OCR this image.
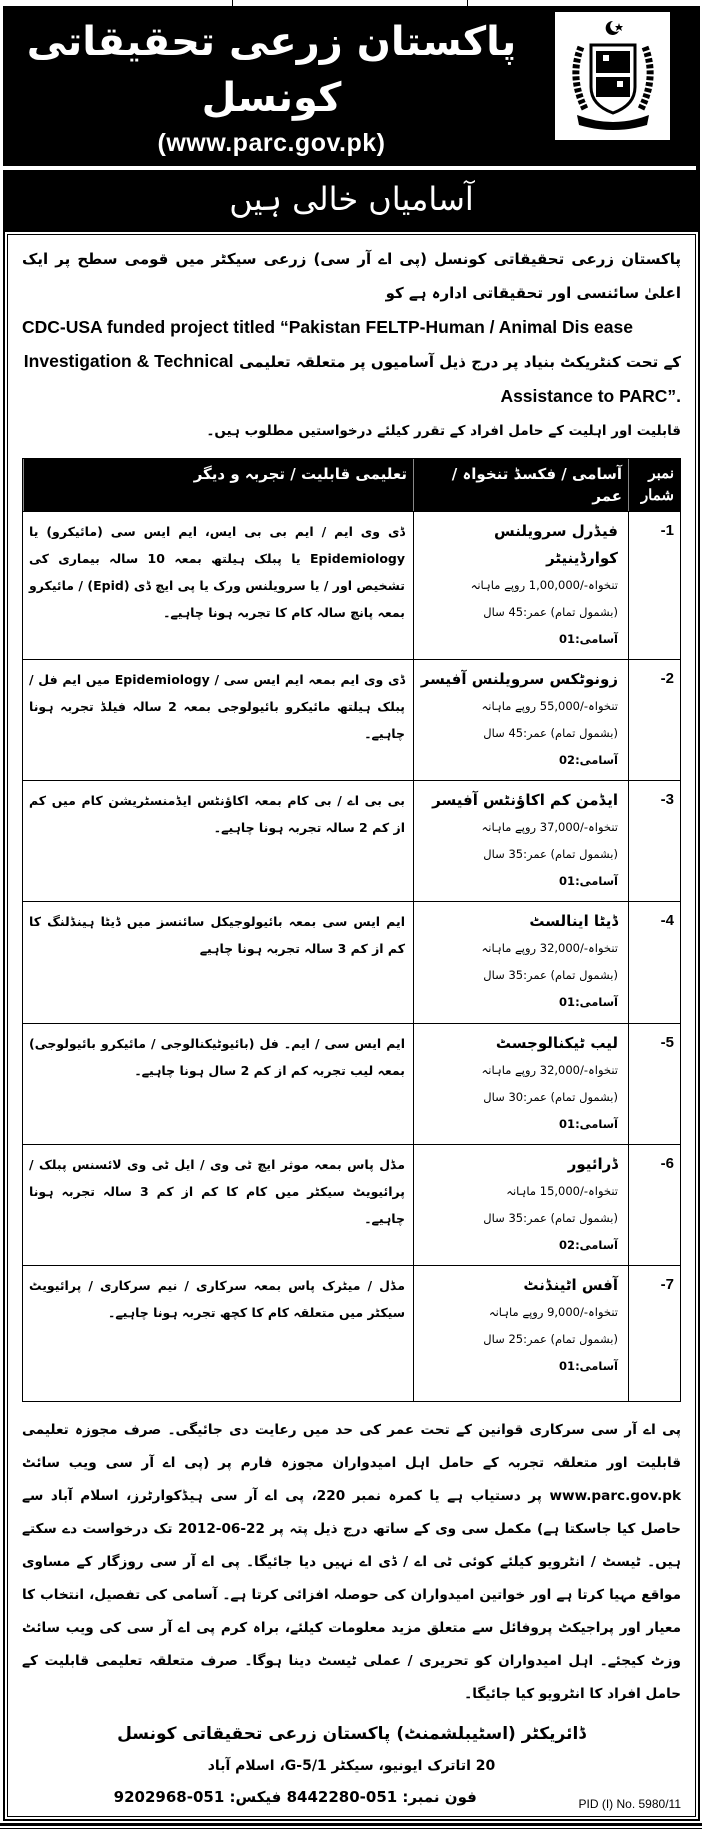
پاکستان زرعی تحقیقاتی کونسل
(www.parc.gov.pk)
آسامیاں خالی ہیں
پاکستان زرعی تحقیقاتی کونسل (پی اے آر سی) زرعی سیکٹر میں قومی سطح پر ایک اعلیٰ سائنسی اور تحقیقاتی ادارہ ہے کو
CDC-USA funded project titled “Pakistan FELTP-Human / Animal Dis ease
کے تحت کنٹریکٹ بنیاد پر درج ذیل آسامیوں پر متعلقہ تعلیمی Investigation & Technical Assistance to PARC”.
قابلیت اور اہلیت کے حامل افراد کے تقرر کیلئے درخواستیں مطلوب ہیں۔
نمبر شمار
آسامی / فکسڈ تنخواہ / عمر
تعلیمی قابلیت / تجربہ و دیگر
1-
فیڈرل سرویلنس کوارڈینیٹر
تنخواہ-/1,00,000 روپے ماہانہ
(بشمول تمام) عمر:45 سال
آسامی:01
ڈی وی ایم / ایم بی بی ایس، ایم ایس سی (مائیکرو) یا Epidemiology یا پبلک ہیلتھ بمعہ 10 سالہ بیماری کی تشخیص اور / یا سرویلنس ورک یا پی ایچ ڈی (Epid) / مائیکرو بمعہ پانچ سالہ کام کا تجربہ ہونا چاہیے۔
2-
زونوٹکس سرویلنس آفیسر
تنخواہ-/55,000 روپے ماہانہ
(بشمول تمام) عمر:45 سال
آسامی:02
ڈی وی ایم بمعہ ایم ایس سی / Epidemiology میں ایم فل / پبلک ہیلتھ مائیکرو بائیولوجی بمعہ 2 سالہ فیلڈ تجربہ ہونا چاہیے۔
3-
ایڈمن کم اکاؤنٹس آفیسر
تنخواہ-/37,000 روپے ماہانہ
(بشمول تمام) عمر:35 سال
آسامی:01
بی بی اے / بی کام بمعہ اکاؤنٹس ایڈمنسٹریشن کام میں کم از کم 2 سالہ تجربہ ہونا چاہیے۔
4-
ڈیٹا اینالسٹ
تنخواہ-/32,000 روپے ماہانہ
(بشمول تمام) عمر:35 سال
آسامی:01
ایم ایس سی بمعہ بائیولوجیکل سائنسز میں ڈیٹا ہینڈلنگ کا کم از کم 3 سالہ تجربہ ہونا چاہیے
5-
لیب ٹیکنالوجسٹ
تنخواہ-/32,000 روپے ماہانہ
(بشمول تمام) عمر:30 سال
آسامی:01
ایم ایس سی / ایم۔ فل (بائیوٹیکنالوجی / مائیکرو بائیولوجی) بمعہ لیب تجربہ کم از کم 2 سال ہونا چاہیے۔
6-
ڈرائیور
تنخواہ-/15,000 ماہانہ
(بشمول تمام) عمر:35 سال
آسامی:02
مڈل پاس بمعہ موثر ایچ ٹی وی / ایل ٹی وی لائسنس پبلک / پرائیویٹ سیکٹر میں کام کا کم از کم 3 سالہ تجربہ ہونا چاہیے۔
7-
آفس اٹینڈنٹ
تنخواہ-/9,000 روپے ماہانہ
(بشمول تمام) عمر:25 سال
آسامی:01
مڈل / میٹرک پاس بمعہ سرکاری / نیم سرکاری / پرائیویٹ سیکٹر میں متعلقہ کام کا کچھ تجربہ ہونا چاہیے۔
پی اے آر سی سرکاری قوانین کے تحت عمر کی حد میں رعایت دی جائیگی۔ صرف مجوزہ تعلیمی قابلیت اور متعلقہ تجربہ کے حامل اہل امیدواران مجوزہ فارم پر (پی اے آر سی ویب سائٹ www.parc.gov.pk پر دستیاب ہے یا کمرہ نمبر 220، پی اے آر سی ہیڈکوارٹرز، اسلام آباد سے حاصل کیا جاسکتا ہے) مکمل سی وی کے ساتھ درج ذیل پتہ پر 22-06-2012 تک درخواست دے سکتے ہیں۔ ٹیسٹ / انٹرویو کیلئے کوئی ٹی اے / ڈی اے نہیں دیا جائیگا۔ پی اے آر سی روزگار کے مساوی مواقع مہیا کرتا ہے اور خواتین امیدواران کی حوصلہ افزائی کرتا ہے۔ آسامی کی تفصیل، انتخاب کا معیار اور پراجیکٹ پروفائل سے متعلق مزید معلومات کیلئے، براہ کرم پی اے آر سی کی ویب سائٹ وزٹ کیجئے۔ اہل امیدواران کو تحریری / عملی ٹیسٹ دینا ہوگا۔ صرف متعلقہ تعلیمی قابلیت کے حامل افراد کا انٹرویو کیا جائیگا۔
ڈائریکٹر (اسٹیبلشمنٹ) پاکستان زرعی تحقیقاتی کونسل
20 اتاترک ایونیو، سیکٹر G-5/1، اسلام آباد
فون نمبر: 051-8442280 فیکس: 051-9202968	PID (I) No. 5980/11
